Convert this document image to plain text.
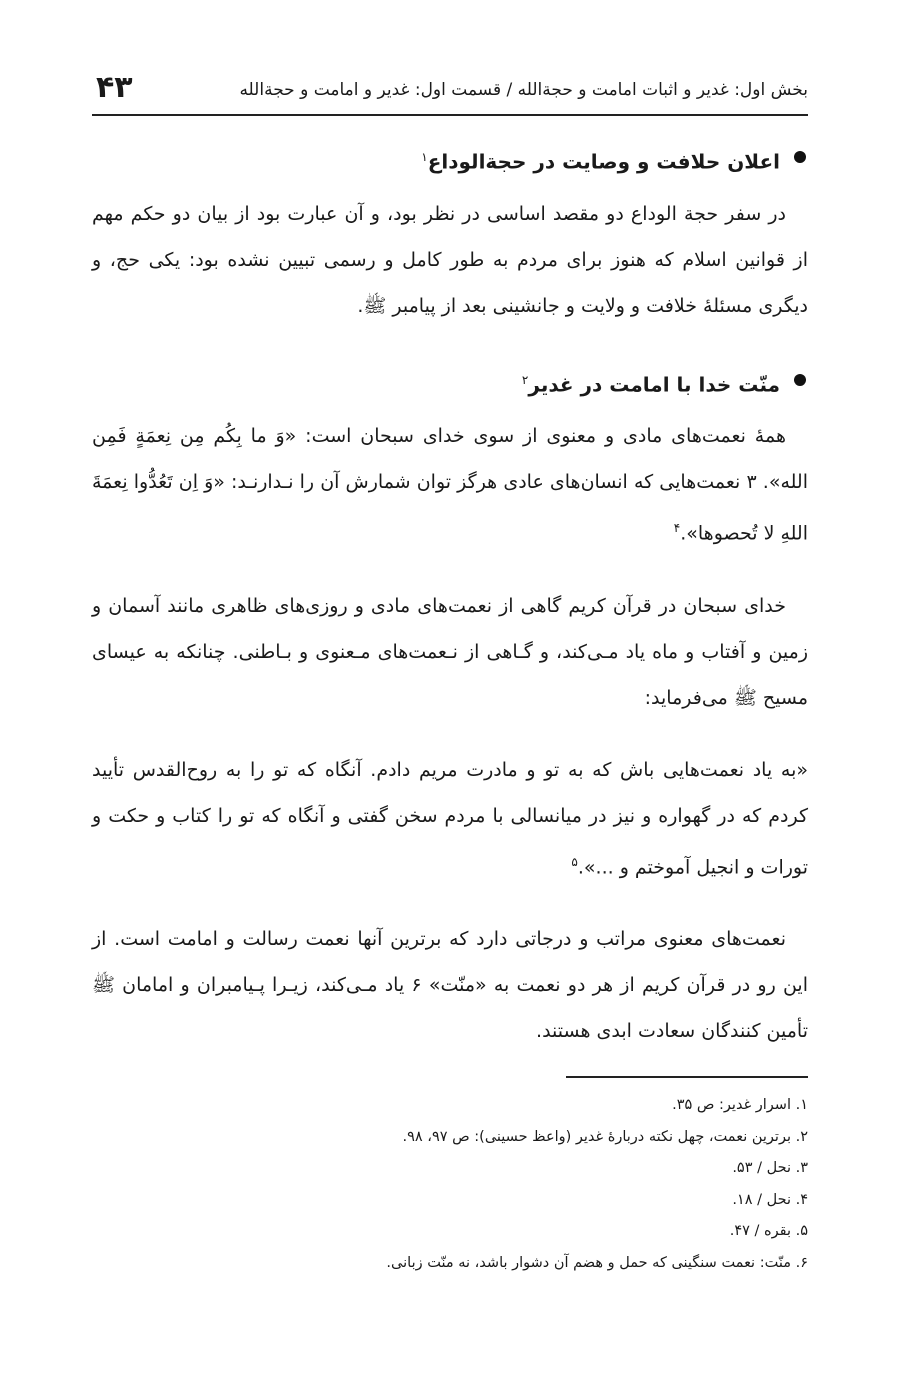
بخش اول: غدیر و اثبات امامت و حجةالله / قسمت اول: غدیر و امامت و حجةالله
۴۳
اعلان حلافت و وصایت در حجةالوداع$^۱$

در سفر حجة الوداع دو مقصد اساسی در نظر بود، و آن عبارت بود از بیان دو حکم مهم از قوانین اسلام که هنوز برای مردم به طور کامل و رسمی تبیین نشده بود: یکی حج، و دیگری مسئلۀ خلافت و ولایت و جانشینی بعد از پیامبر ﷺ.

منّت خدا با امامت در غدیر$^۲$

همۀ نعمت‌های مادی و معنوی از سوی خدای سبحان است: «وَ ما بِکُم مِن نِعمَةٍ فَمِن الله». ۳ نعمت‌هایی که انسان‌های عادی هرگز توان شمارش آن را نـدارنـد: «وَ اِن تَعُدُّوا نِعمَةَ اللهِ لا تُحصوها».$^۴$

خدای سبحان در قرآن کریم گاهی از نعمت‌های مادی و روزی‌های ظاهری مانند آسمان و زمین و آفتاب و ماه یاد مـی‌کند، و گـاهی از نـعمت‌های مـعنوی و بـاطنی. چنانکه به عیسای مسیح ﷺ می‌فرماید:

«به یاد نعمت‌هایی باش که به تو و مادرت مریم دادم. آنگاه که تو را به روح‌القدس تأیید کردم که در گهواره و نیز در میانسالی با مردم سخن گفتی و آنگاه که تو را کتاب و حکت و تورات و انجیل آموختم و ...».$^۵$

نعمت‌های معنوی مراتب و درجاتی دارد که برترین آنها نعمت رسالت و امامت است. از این رو در قرآن کریم از هر دو نعمت به «منّت» ۶ یاد مـی‌کند، زیـرا پـیامبران و امامان ﷺ تأمین کنندگان سعادت ابدی هستند.

۱. اسرار غدیر: ص ۳۵.
۲. برترین نعمت، چهل نکته دربارۀ غدیر (واعظ حسینی): ص ۹۷، ۹۸.
۳. نحل / ۵۳.
۴. نحل / ۱۸.
۵. بقره / ۴۷.
۶. منّت: نعمت سنگینی که حمل و هضم آن دشوار باشد، نه منّت زبانی.
